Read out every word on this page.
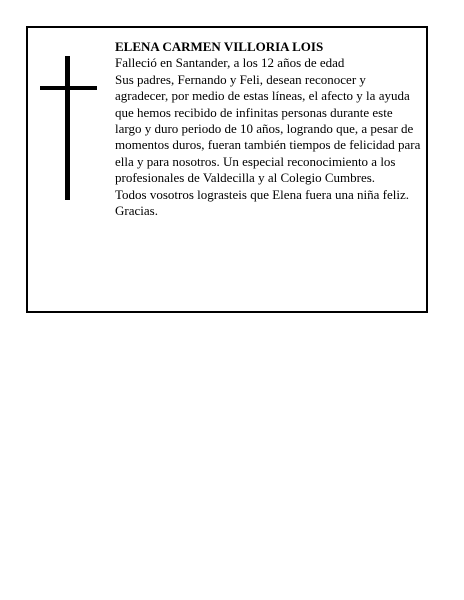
ELENA CARMEN VILLORIA LOIS

Falleció en Santander, a los 12 años de edad

Sus padres, Fernando y Feli, desean reconocer y agradecer, por medio de estas líneas, el afecto y la ayuda que hemos recibido de infinitas personas durante este largo y duro periodo de 10 años, logrando que, a pesar de momentos duros, fueran también tiempos de felicidad para ella y para nosotros. Un especial reconocimiento a los profesionales de Valdecilla y al Colegio Cumbres.

Todos vosotros lograsteis que Elena fuera una niña feliz.

Gracias.
